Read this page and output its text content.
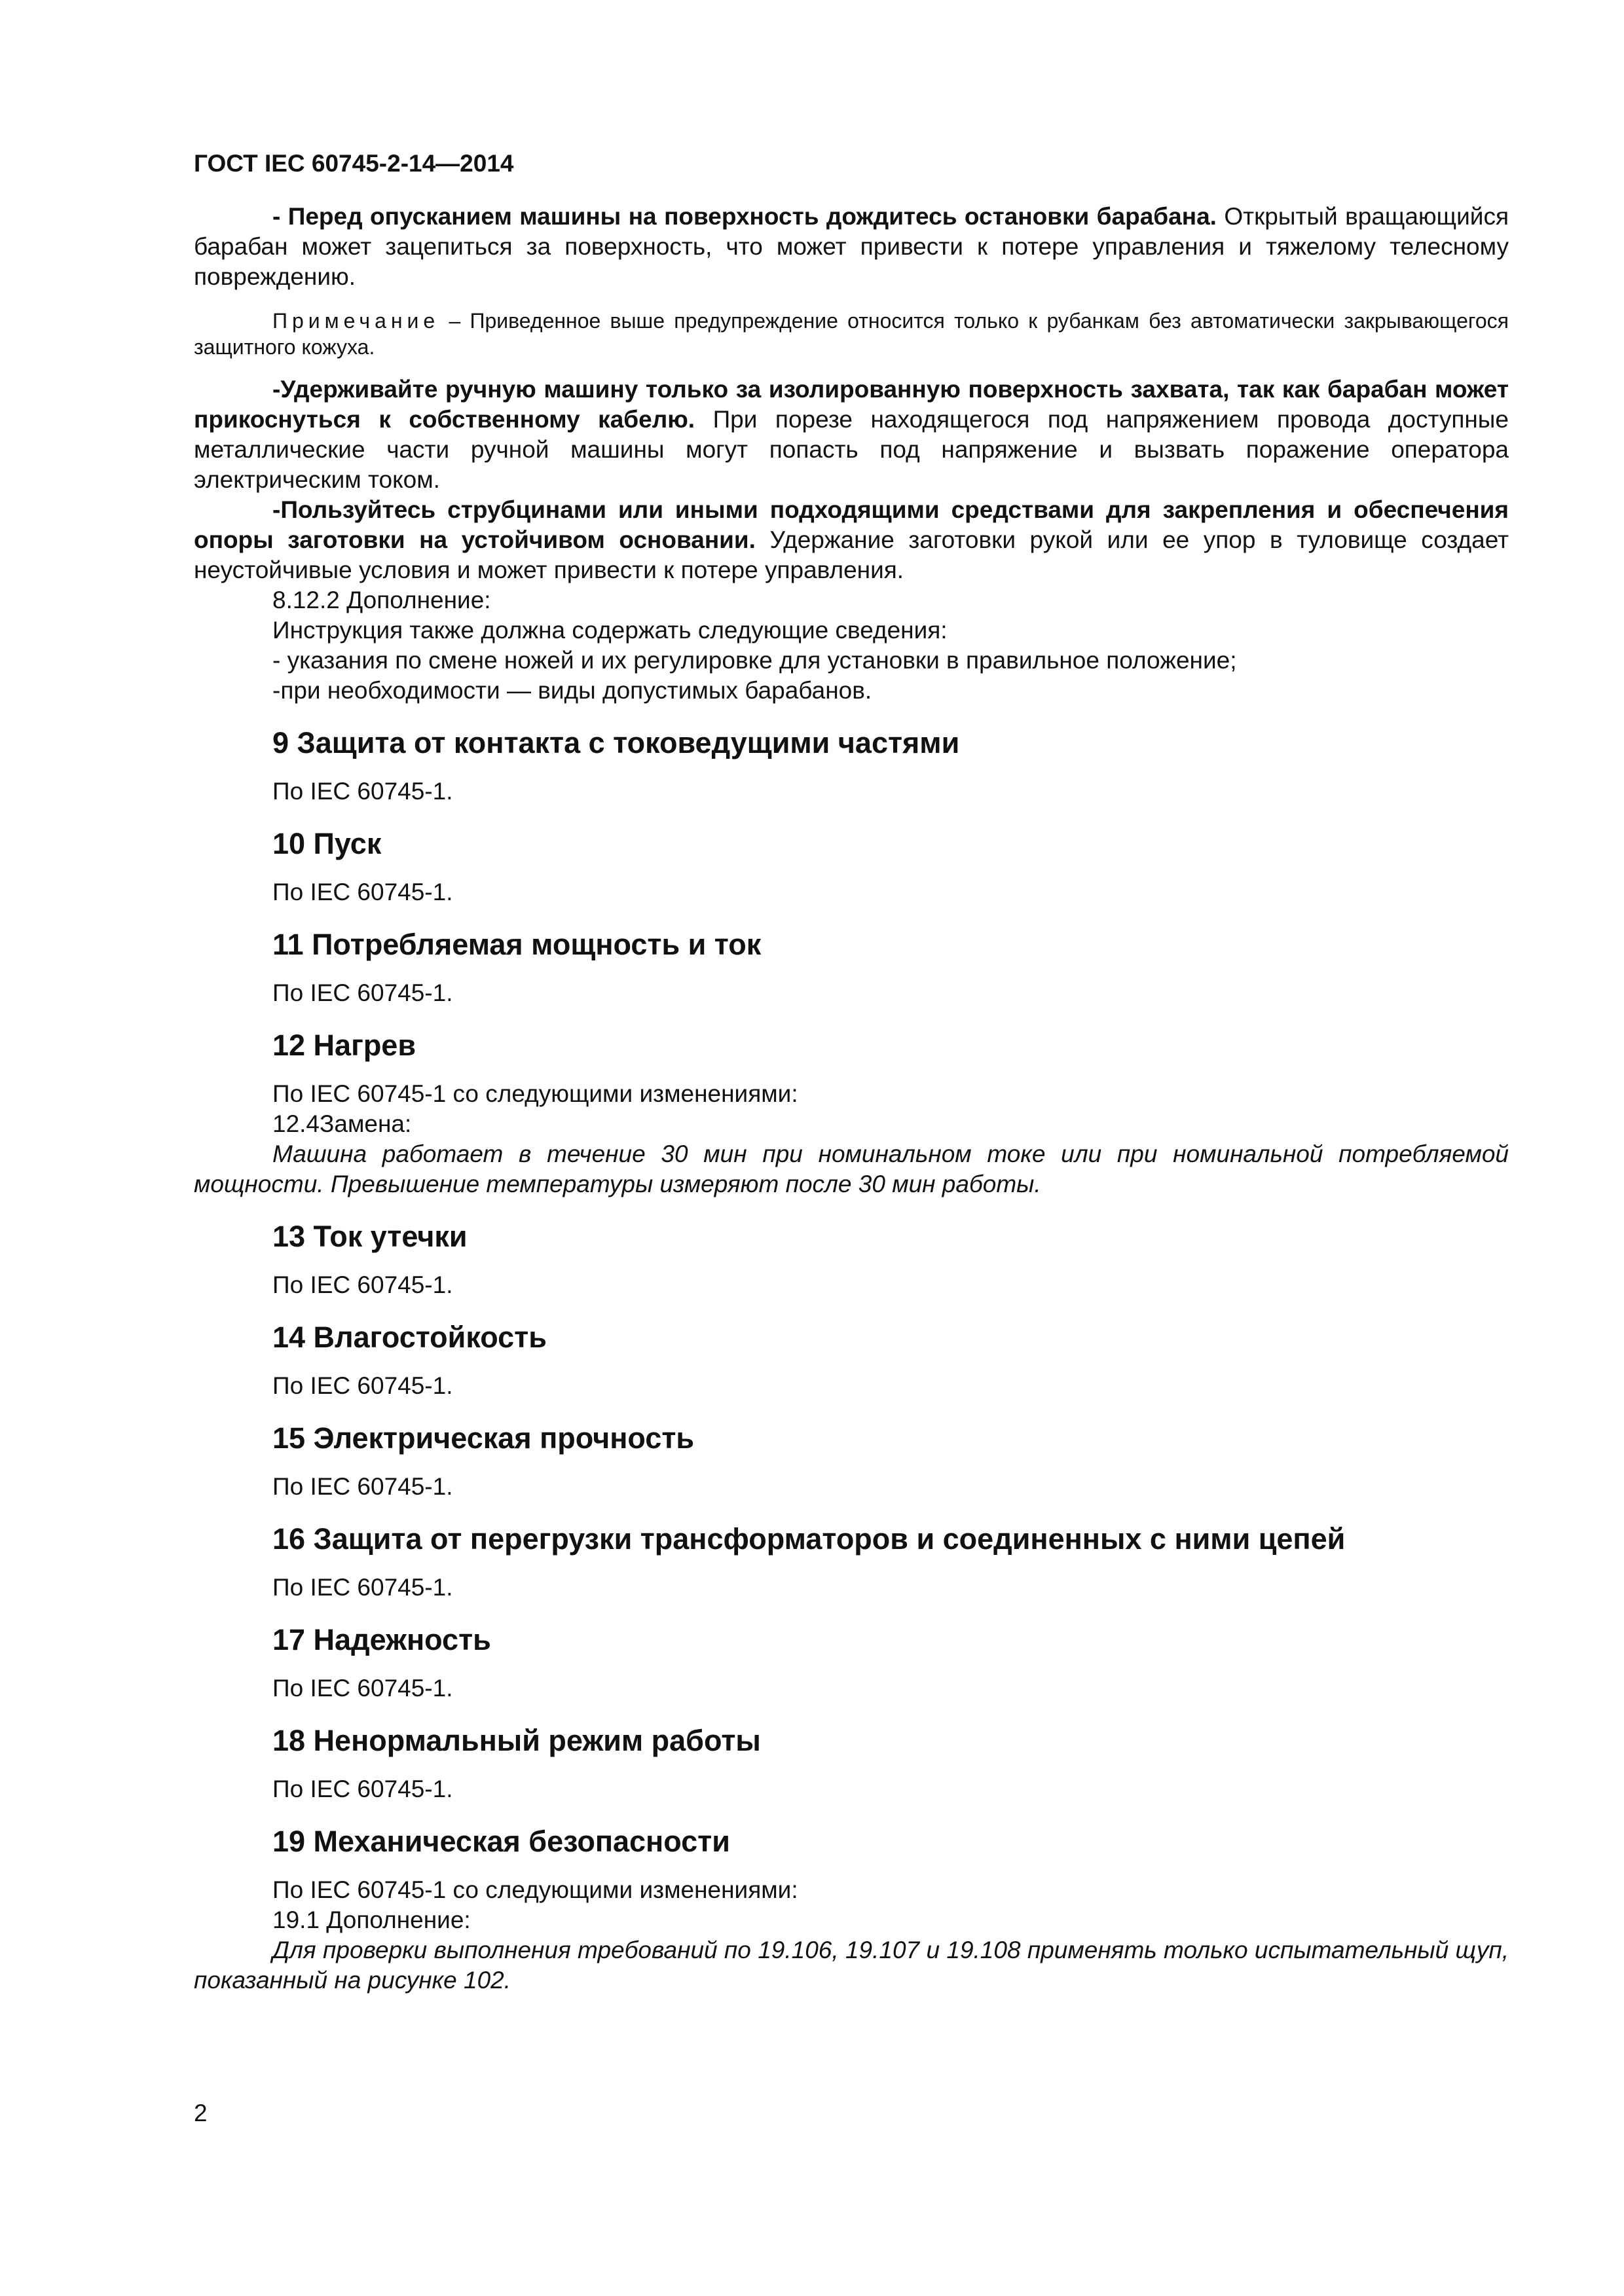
ГОСТ IEC 60745-2-14—2014

- Перед опусканием машины на поверхность дождитесь остановки барабана. Открытый вращающийся барабан может зацепиться за поверхность, что может привести к потере управления и тяжелому телесному повреждению.

Примечание – Приведенное выше предупреждение относится только к рубанкам без автоматически закрывающегося защитного кожуха.

-Удерживайте ручную машину только за изолированную поверхность захвата, так как барабан может прикоснуться к собственному кабелю. При порезе находящегося под напряжением провода доступные металлические части ручной машины могут попасть под напряжение и вызвать поражение оператора электрическим током.

-Пользуйтесь струбцинами или иными подходящими средствами для закрепления и обеспечения опоры заготовки на устойчивом основании. Удержание заготовки рукой или ее упор в туловище создает неустойчивые условия и может привести к потере управления.

8.12.2 Дополнение:

Инструкция также должна содержать следующие сведения:

- указания по смене ножей и их регулировке для установки в правильное положение;

-при необходимости — виды допустимых барабанов.

9 Защита от контакта с токоведущими частями

По IEC 60745-1.

10 Пуск

По IEC 60745-1.

11 Потребляемая мощность и ток

По IEC 60745-1.

12 Нагрев

По IEC 60745-1 со следующими изменениями:

12.4Замена:

Машина работает в течение 30 мин при номинальном токе или при номинальной потребляемой мощности. Превышение температуры измеряют после 30 мин работы.

13 Ток утечки

По IEC 60745-1.

14 Влагостойкость

По IEC 60745-1.

15 Электрическая прочность

По IEC 60745-1.

16 Защита от перегрузки трансформаторов и соединенных с ними цепей

По IEC 60745-1.

17 Надежность

По IEC 60745-1.

18 Ненормальный режим работы

По IEC 60745-1.

19 Механическая безопасности

По IEC 60745-1 со следующими изменениями:

19.1 Дополнение:

Для проверки выполнения требований по 19.106, 19.107 и 19.108 применять только испытательный щуп, показанный на рисунке 102.

2
